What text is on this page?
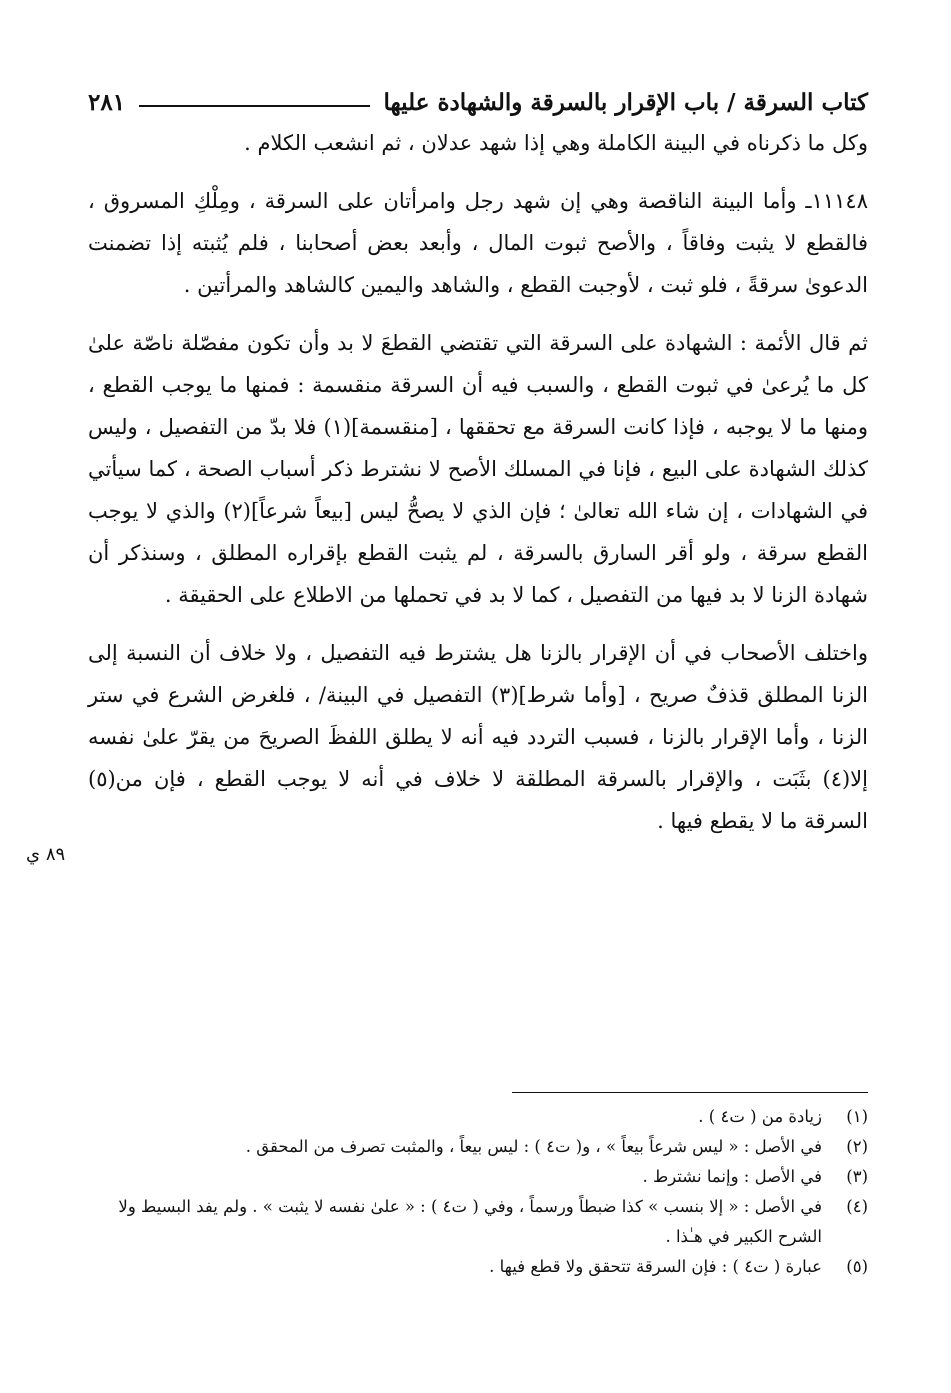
كتاب السرقة / باب الإقرار بالسرقة والشهادة عليها
٢٨١

وكل ما ذكرناه في البينة الكاملة وهي إذا شهد عدلان ، ثم انشعب الكلام .

١١١٤٨ـ وأما البينة الناقصة وهي إن شهد رجل وامرأتان على السرقة ، ومِلْكِ المسروق ، فالقطع لا يثبت وفاقاً ، والأصح ثبوت المال ، وأبعد بعض أصحابنا ، فلم يُثبته إذا تضمنت الدعوىٰ سرقةً ، فلو ثبت ، لأوجبت القطع ، والشاهد واليمين كالشاهد والمرأتين .

ثم قال الأئمة : الشهادة على السرقة التي تقتضي القطعَ لا بد وأن تكون مفصّلة ناصّة علىٰ كل ما يُرعىٰ في ثبوت القطع ، والسبب فيه أن السرقة منقسمة : فمنها ما يوجب القطع ، ومنها ما لا يوجبه ، فإذا كانت السرقة مع تحققها ، [منقسمة](١) فلا بدّ من التفصيل ، وليس كذلك الشهادة على البيع ، فإنا في المسلك الأصح لا نشترط ذكر أسباب الصحة ، كما سيأتي في الشهادات ، إن شاء الله تعالىٰ ؛ فإن الذي لا يصحُّ ليس [بيعاً شرعاً](٢) والذي لا يوجب القطع سرقة ، ولو أقر السارق بالسرقة ، لم يثبت القطع بإقراره المطلق ، وسنذكر أن شهادة الزنا لا بد فيها من التفصيل ، كما لا بد في تحملها من الاطلاع على الحقيقة .

واختلف الأصحاب في أن الإقرار بالزنا هل يشترط فيه التفصيل ، ولا خلاف أن النسبة إلى الزنا المطلق قذفٌ صريح ، [وأما شرط](٣) التفصيل في البينة/ ، فلغرض الشرع في ستر الزنا ، وأما الإقرار بالزنا ، فسبب التردد فيه أنه لا يطلق اللفظَ الصريحَ من يقرّ علىٰ نفسه إلا(٤) بثَبَت ، والإقرار بالسرقة المطلقة لا خلاف في أنه لا يوجب القطع ، فإن من(٥) السرقة ما لا يقطع فيها .

٨٩ ي
(١)
زيادة من ( ت٤ ) .
(٢)
في الأصل : « ليس شرعاً بيعاً » ، و( ت٤ ) : ليس بيعاً ، والمثبت تصرف من المحقق .
(٣)
في الأصل : وإنما نشترط .
(٤)
في الأصل : « إلا بنسب » كذا ضبطاً ورسماً ، وفي ( ت٤ ) : « علىٰ نفسه لا يثبت » . ولم يفد البسيط ولا الشرح الكبير في هـٰذا .
(٥)
عبارة ( ت٤ ) : فإن السرقة تتحقق ولا قطع فيها .
